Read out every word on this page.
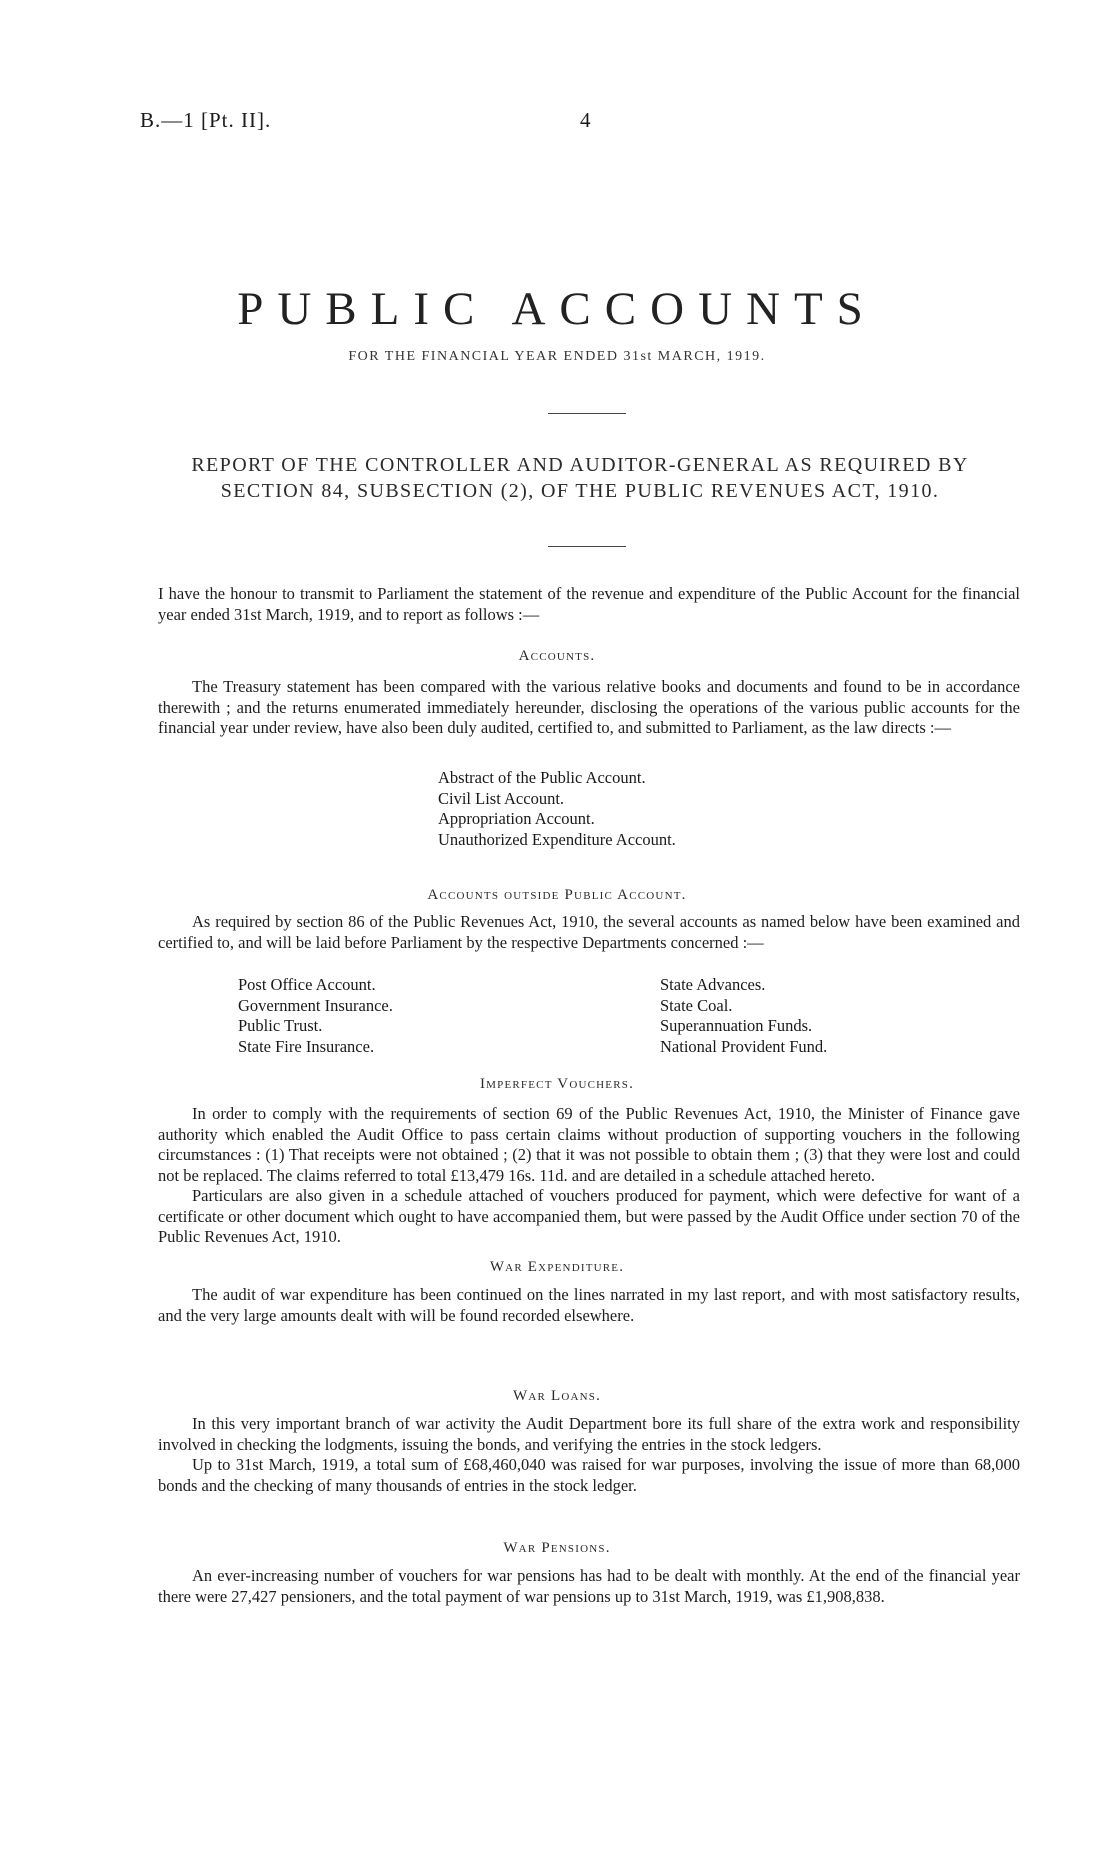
B.—1 [Pt. II].	4
PUBLIC ACCOUNTS
FOR THE FINANCIAL YEAR ENDED 31st MARCH, 1919.
REPORT OF THE CONTROLLER AND AUDITOR-GENERAL AS REQUIRED BY
SECTION 84, SUBSECTION (2), OF THE PUBLIC REVENUES ACT, 1910.

I have the honour to transmit to Parliament the statement of the revenue and expenditure of the Public Account for the financial year ended 31st March, 1919, and to report as follows :—

Accounts.

The Treasury statement has been compared with the various relative books and documents and found to be in accordance therewith ; and the returns enumerated immediately hereunder, disclosing the operations of the various public accounts for the financial year under review, have also been duly audited, certified to, and submitted to Parliament, as the law directs :—

Abstract of the Public Account.
Civil List Account.
Appropriation Account.
Unauthorized Expenditure Account.
Accounts outside Public Account.

As required by section 86 of the Public Revenues Act, 1910, the several accounts as named below have been examined and certified to, and will be laid before Parliament by the respective Departments concerned :—

Post Office Account.
Government Insurance.
Public Trust.
State Fire Insurance.
State Advances.
State Coal.
Superannuation Funds.
National Provident Fund.
Imperfect Vouchers.

In order to comply with the requirements of section 69 of the Public Revenues Act, 1910, the Minister of Finance gave authority which enabled the Audit Office to pass certain claims without production of supporting vouchers in the following circumstances : (1) That receipts were not obtained ; (2) that it was not possible to obtain them ; (3) that they were lost and could not be replaced. The claims referred to total £13,479 16s. 11d. and are detailed in a schedule attached hereto.

Particulars are also given in a schedule attached of vouchers produced for payment, which were defective for want of a certificate or other document which ought to have accompanied them, but were passed by the Audit Office under section 70 of the Public Revenues Act, 1910.

War Expenditure.

The audit of war expenditure has been continued on the lines narrated in my last report, and with most satisfactory results, and the very large amounts dealt with will be found recorded elsewhere.

War Loans.

In this very important branch of war activity the Audit Department bore its full share of the extra work and responsibility involved in checking the lodgments, issuing the bonds, and verifying the entries in the stock ledgers.

Up to 31st March, 1919, a total sum of £68,460,040 was raised for war purposes, involving the issue of more than 68,000 bonds and the checking of many thousands of entries in the stock ledger.

War Pensions.

An ever-increasing number of vouchers for war pensions has had to be dealt with monthly. At the end of the financial year there were 27,427 pensioners, and the total payment of war pensions up to 31st March, 1919, was £1,908,838.
